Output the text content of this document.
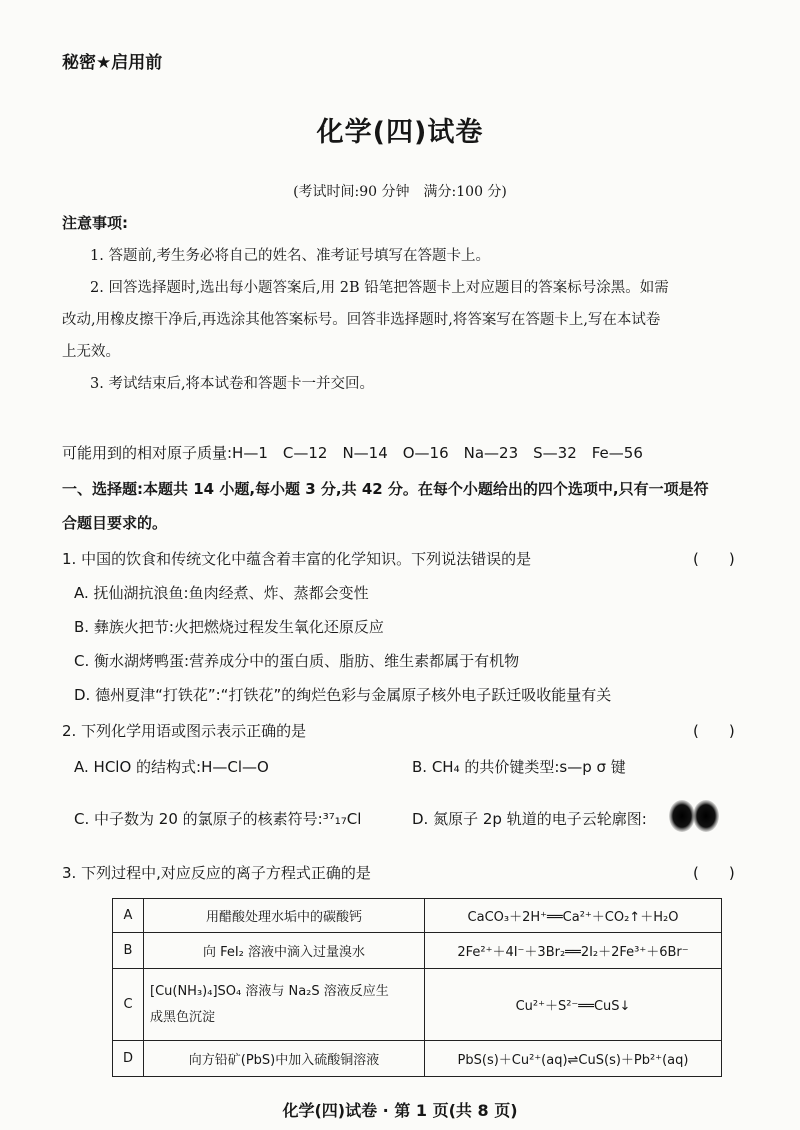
秘密★启用前
化学(四)试卷
(考试时间:90 分钟　满分:100 分)
注意事项:
1. 答题前,考生务必将自己的姓名、准考证号填写在答题卡上。
2. 回答选择题时,选出每小题答案后,用 2B 铅笔把答题卡上对应题目的答案标号涂黑。如需
改动,用橡皮擦干净后,再选涂其他答案标号。回答非选择题时,将答案写在答题卡上,写在本试卷
上无效。
3. 考试结束后,将本试卷和答题卡一并交回。
可能用到的相对原子质量:H—1　C—12　N—14　O—16　Na—23　S—32　Fe—56
一、选择题:本题共 14 小题,每小题 3 分,共 42 分。在每个小题给出的四个选项中,只有一项是符
合题目要求的。
1. 中国的饮食和传统文化中蕴含着丰富的化学知识。下列说法错误的是	(　　)
A. 抚仙湖抗浪鱼:鱼肉经煮、炸、蒸都会变性
B. 彝族火把节:火把燃烧过程发生氧化还原反应
C. 衡水湖烤鸭蛋:营养成分中的蛋白质、脂肪、维生素都属于有机物
D. 德州夏津“打铁花”:“打铁花”的绚烂色彩与金属原子核外电子跃迁吸收能量有关
2. 下列化学用语或图示表示正确的是	(　　)
A. HClO 的结构式:H—Cl—O	B. CH₄ 的共价键类型:s—p σ 键
C. 中子数为 20 的氯原子的核素符号:³⁷₁₇Cl	D. 氮原子 2p 轨道的电子云轮廓图:
3. 下列过程中,对应反应的离子方程式正确的是	(　　)
A	用醋酸处理水垢中的碳酸钙	CaCO₃＋2H⁺══Ca²⁺＋CO₂↑＋H₂O
B	向 FeI₂ 溶液中滴入过量溴水	2Fe²⁺＋4I⁻＋3Br₂══2I₂＋2Fe³⁺＋6Br⁻
C	[Cu(NH₃)₄]SO₄ 溶液与 Na₂S 溶液反应生
成黑色沉淀	Cu²⁺＋S²⁻══CuS↓
D	向方铅矿(PbS)中加入硫酸铜溶液	PbS(s)＋Cu²⁺(aq)⇌CuS(s)＋Pb²⁺(aq)
化学(四)试卷 · 第 1 页(共 8 页)
